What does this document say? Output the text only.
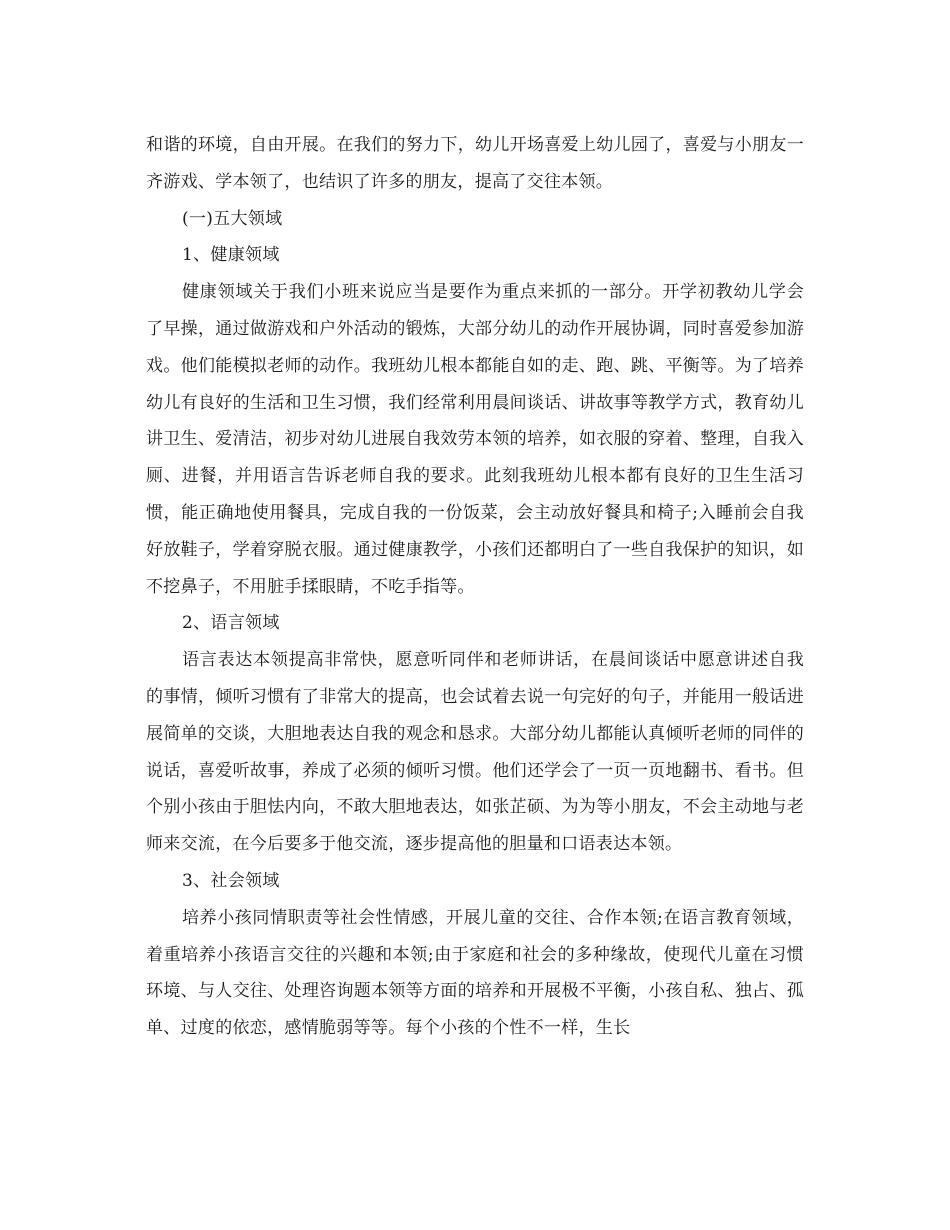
和谐的环境，自由开展。在我们的努力下，幼儿开场喜爱上幼儿园了，喜爱与小朋友一齐游戏、学本领了，也结识了许多的朋友，提高了交往本领。

(一)五大领域

1、健康领域

健康领域关于我们小班来说应当是要作为重点来抓的一部分。开学初教幼儿学会了早操，通过做游戏和户外活动的锻炼，大部分幼儿的动作开展协调，同时喜爱参加游戏。他们能模拟老师的动作。我班幼儿根本都能自如的走、跑、跳、平衡等。为了培养幼儿有良好的生活和卫生习惯，我们经常利用晨间谈话、讲故事等教学方式，教育幼儿讲卫生、爱清洁，初步对幼儿进展自我效劳本领的培养，如衣服的穿着、整理，自我入厕、进餐，并用语言告诉老师自我的要求。此刻我班幼儿根本都有良好的卫生生活习惯，能正确地使用餐具，完成自我的一份饭菜，会主动放好餐具和椅子;入睡前会自我好放鞋子，学着穿脱衣服。通过健康教学，小孩们还都明白了一些自我保护的知识，如不挖鼻子，不用脏手揉眼睛，不吃手指等。

2、语言领域

语言表达本领提高非常快，愿意听同伴和老师讲话，在晨间谈话中愿意讲述自我的事情，倾听习惯有了非常大的提高，也会试着去说一句完好的句子，并能用一般话进展简单的交谈，大胆地表达自我的观念和恳求。大部分幼儿都能认真倾听老师的同伴的说话，喜爱听故事，养成了必须的倾听习惯。他们还学会了一页一页地翻书、看书。但个别小孩由于胆怯内向，不敢大胆地表达，如张芷硕、为为等小朋友，不会主动地与老师来交流，在今后要多于他交流，逐步提高他的胆量和口语表达本领。

3、社会领域

培养小孩同情职责等社会性情感，开展儿童的交往、合作本领;在语言教育领域，着重培养小孩语言交往的兴趣和本领;由于家庭和社会的多种缘故，使现代儿童在习惯环境、与人交往、处理咨询题本领等方面的培养和开展极不平衡，小孩自私、独占、孤单、过度的依恋，感情脆弱等等。每个小孩的个性不一样，生长
